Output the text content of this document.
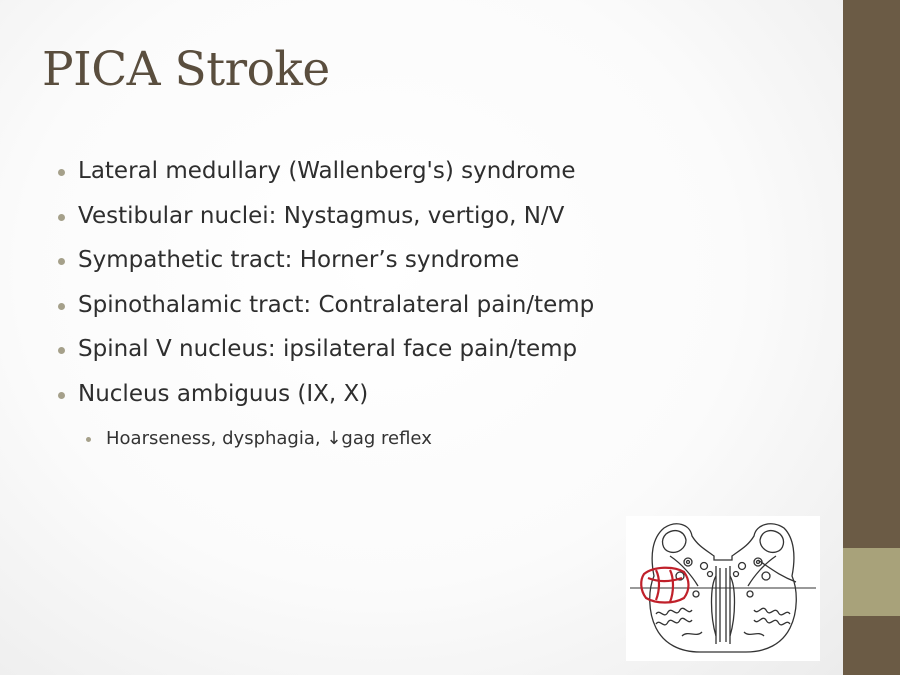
PICA Stroke
Lateral medullary (Wallenberg's) syndrome
Vestibular nuclei: Nystagmus, vertigo, N/V
Sympathetic tract: Horner’s syndrome
Spinothalamic tract: Contralateral pain/temp
Spinal V nucleus: ipsilateral face pain/temp
Nucleus ambiguus (IX, X)
Hoarseness, dysphagia, ↓gag reflex
